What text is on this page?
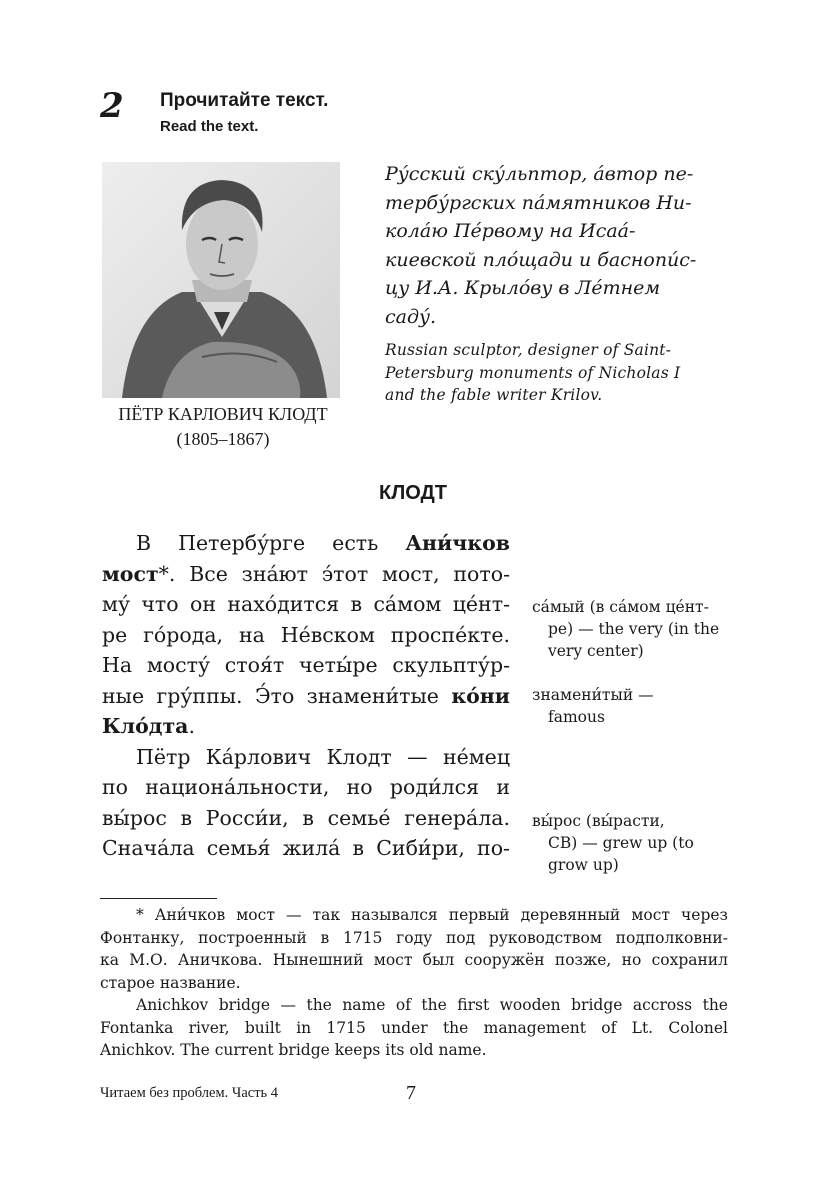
2 Прочитайте текст.
Read the text.
ПЁТР КАРЛОВИЧ КЛОДТ
(1805–1867)
Ру́сский ску́льптор, а́втор пе-
тербу́ргских па́мятников Ни-
кола́ю Пе́рвому на Исаа́-
киевской пло́щади и баснопи́с-
цу И.А. Крыло́ву в Ле́тнем
саду́.
Russian sculptor, designer of Saint-
Petersburg monuments of Nicholas I
and the fable writer Krilov.
КЛОДТ
В Петербу́рге есть Ани́чков
мост*. Все зна́ют э́тот мост, пото-
му́ что он нахо́дится в са́мом це́нт-
ре го́рода, на Не́вском проспе́кте.
На мосту́ стоя́т четы́ре скульпту́р-
ные гру́ппы. Э́то знамени́тые ко́ни
Кло́дта.
Пётр Ка́рлович Клодт — не́мец
по национа́льности, но роди́лся и
вы́рос в Росси́и, в семье́ генера́ла.
Снача́ла семья́ жила́ в Сиби́ри, по-
са́мый (в са́мом це́нт-
ре) — the very (in the
very center)
знамени́тый —
famous
вы́рос (вы́расти,
СВ) — grew up (to
grow up)
* Ани́чков мост — так назывался первый деревянный мост через
Фонтанку, построенный в 1715 году под руководством подполковни-
ка М.О. Аничкова. Нынешний мост был сооружён позже, но сохранил
старое название.
Anichkov bridge — the name of the first wooden bridge accross the
Fontanka river, built in 1715 under the management of Lt. Colonel
Anichkov. The current bridge keeps its old name.
Читаем без проблем. Часть 4	7
